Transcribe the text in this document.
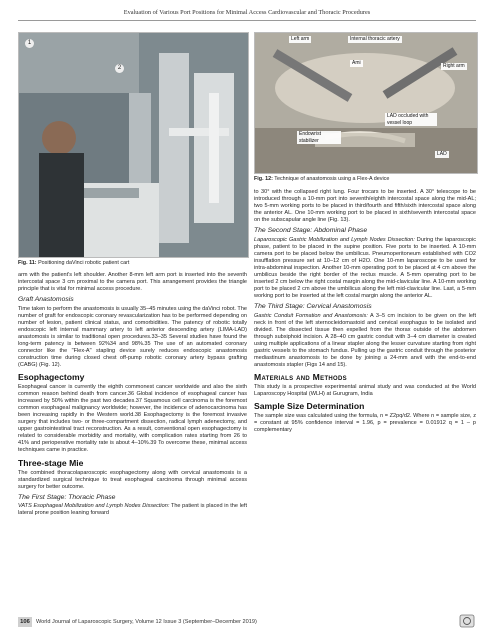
Evaluation of Various Port Positions for Minimal Access Cardiovascular and Thoracic Procedures
1
2
Fig. 11: Positioning daVinci robotic patient cart
Left arm	Internal thoracic artery
Ami	Right arm
LAD occluded with vessel loop
Endowrist stabilizer
LAD
Fig. 12: Technique of anastomosis using a Flex-A device

arm with the patient's left shoulder. Another 8-mm left arm port is inserted into the seventh intercostal space 3 cm proximal to the camera port. This arrangement provides the triangle principle that is vital for minimal access procedure.

Graft Anastomosis

Time taken to perform the anastomosis is usually 35–45 minutes using the daVinci robot. The number of graft for endoscopic coronary revascularization has to be performed depending on number of lesion, patient clinical status, and comorbidities. The patency of robotic totally endoscopic left internal mammary artery to left anterior descending artery (LIMA-LAD) anastomosis is similar to traditional open procedures.33–35 Several studies have found the long-term patency is between 92%34 and 98%.35 The use of an automated coronary connector like the "Flex-A" stapling device surely reduces endoscopic anastomosis construction time during closed chest off-pump robotic coronary artery bypass grafting (CABG) (Fig. 12).

Esophagectomy

Esophageal cancer is currently the eighth commonest cancer worldwide and also the sixth common reason behind death from cancer.36 Global incidence of esophageal cancer has increased by 50% within the past two decades.37 Squamous cell carcinoma is the foremost common esophageal malignancy worldwide; however, the incidence of adenocarcinoma has been increasing rapidly in the Western world.38 Esophagectomy is the foremost invasive surgery that includes two- or three-compartment dissection, radical lymph adenectomy, and upper gastrointestinal tract reconstruction. As a result, conventional open esophagectomy is related to considerable morbidity and mortality, with complication rates starting from 26 to 41% and perioperative mortality rate is about 4–10%.39 To overcome these, minimal access techniques came in practice.

Three-stage Mie

The combined thoracolaparoscopic esophagectomy along with cervical anastomosis is a standardized surgical technique to treat esophageal carcinoma through minimal access surgery for better outcome.

The First Stage: Thoracic Phase

VATS Esophageal Mobilization and Lymph Nodes Dissection: The patient is placed in the left lateral prone position leaning forward

to 30° with the collapsed right lung. Four trocars to be inserted. A 30° telescope to be introduced through a 10-mm port into seventh/eighth intercostal space along the mid-AL; two 5-mm working ports to be placed in third/fourth and fifth/sixth intercostal space along the anterior AL. One 10-mm working port to be placed in sixth/seventh intercostal space on the subscapular angle line (Fig. 13).

The Second Stage: Abdominal Phase

Laparoscopic Gastric Mobilization and Lymph Nodes Dissection: During the laparoscopic phase, patient to be placed in the supine position. Five ports to be inserted. A 10-mm camera port to be placed below the umbilicus. Pneumoperitoneum established with CO2 insufflation pressure set at 10–12 cm of H2O. One 10-mm laparoscope to be used for intra-abdominal inspection. Another 10-mm operating port to be placed at 4 cm above the umbilicus beside the right border of the rectus muscle. A 5-mm operating port to be inserted 2 cm below the right costal margin along the mid-clavicular line. A 10-mm working port to be placed 2 cm above the umbilicus along the left mid-clavicular line. Last, a 5-mm working port to be inserted at the left costal margin along the anterior AL.

The Third Stage: Cervical Anastomosis

Gastric Conduit Formation and Anastomosis: A 3–5 cm incision to be given on the left neck in front of the left sternocleidomastoid and cervical esophagus to be isolated and divided. The dissected tissue then expelled from the thorax outside of the abdomen through subxiphoid incision. A 28–40 cm gastric conduit with 3–4 cm diameter is created using multiple applications of a linear stapler along the lesser curvature starting from right gastric vessels to the stomach fundus. Pulling up the gastric conduit through the posterior mediastinum anastomosis to be done by joining a 24-mm anvil with the end-to-end anastomosis stapler (Figs 14 and 15).

Materials and Methods

This study is a prospective experimental animal study and was conducted at the World Laparoscopy Hospital (WLH) at Gurugram, India

Sample Size Determination

The sample size was calculated using the formula, n = Z2pq/d2. Where n = sample size, z = constant at 95% confidence interval = 1.96, p = prevalence = 0.01912 q = 1 – p complementary

106	World Journal of Laparoscopic Surgery, Volume 12 Issue 3 (September–December 2019)
